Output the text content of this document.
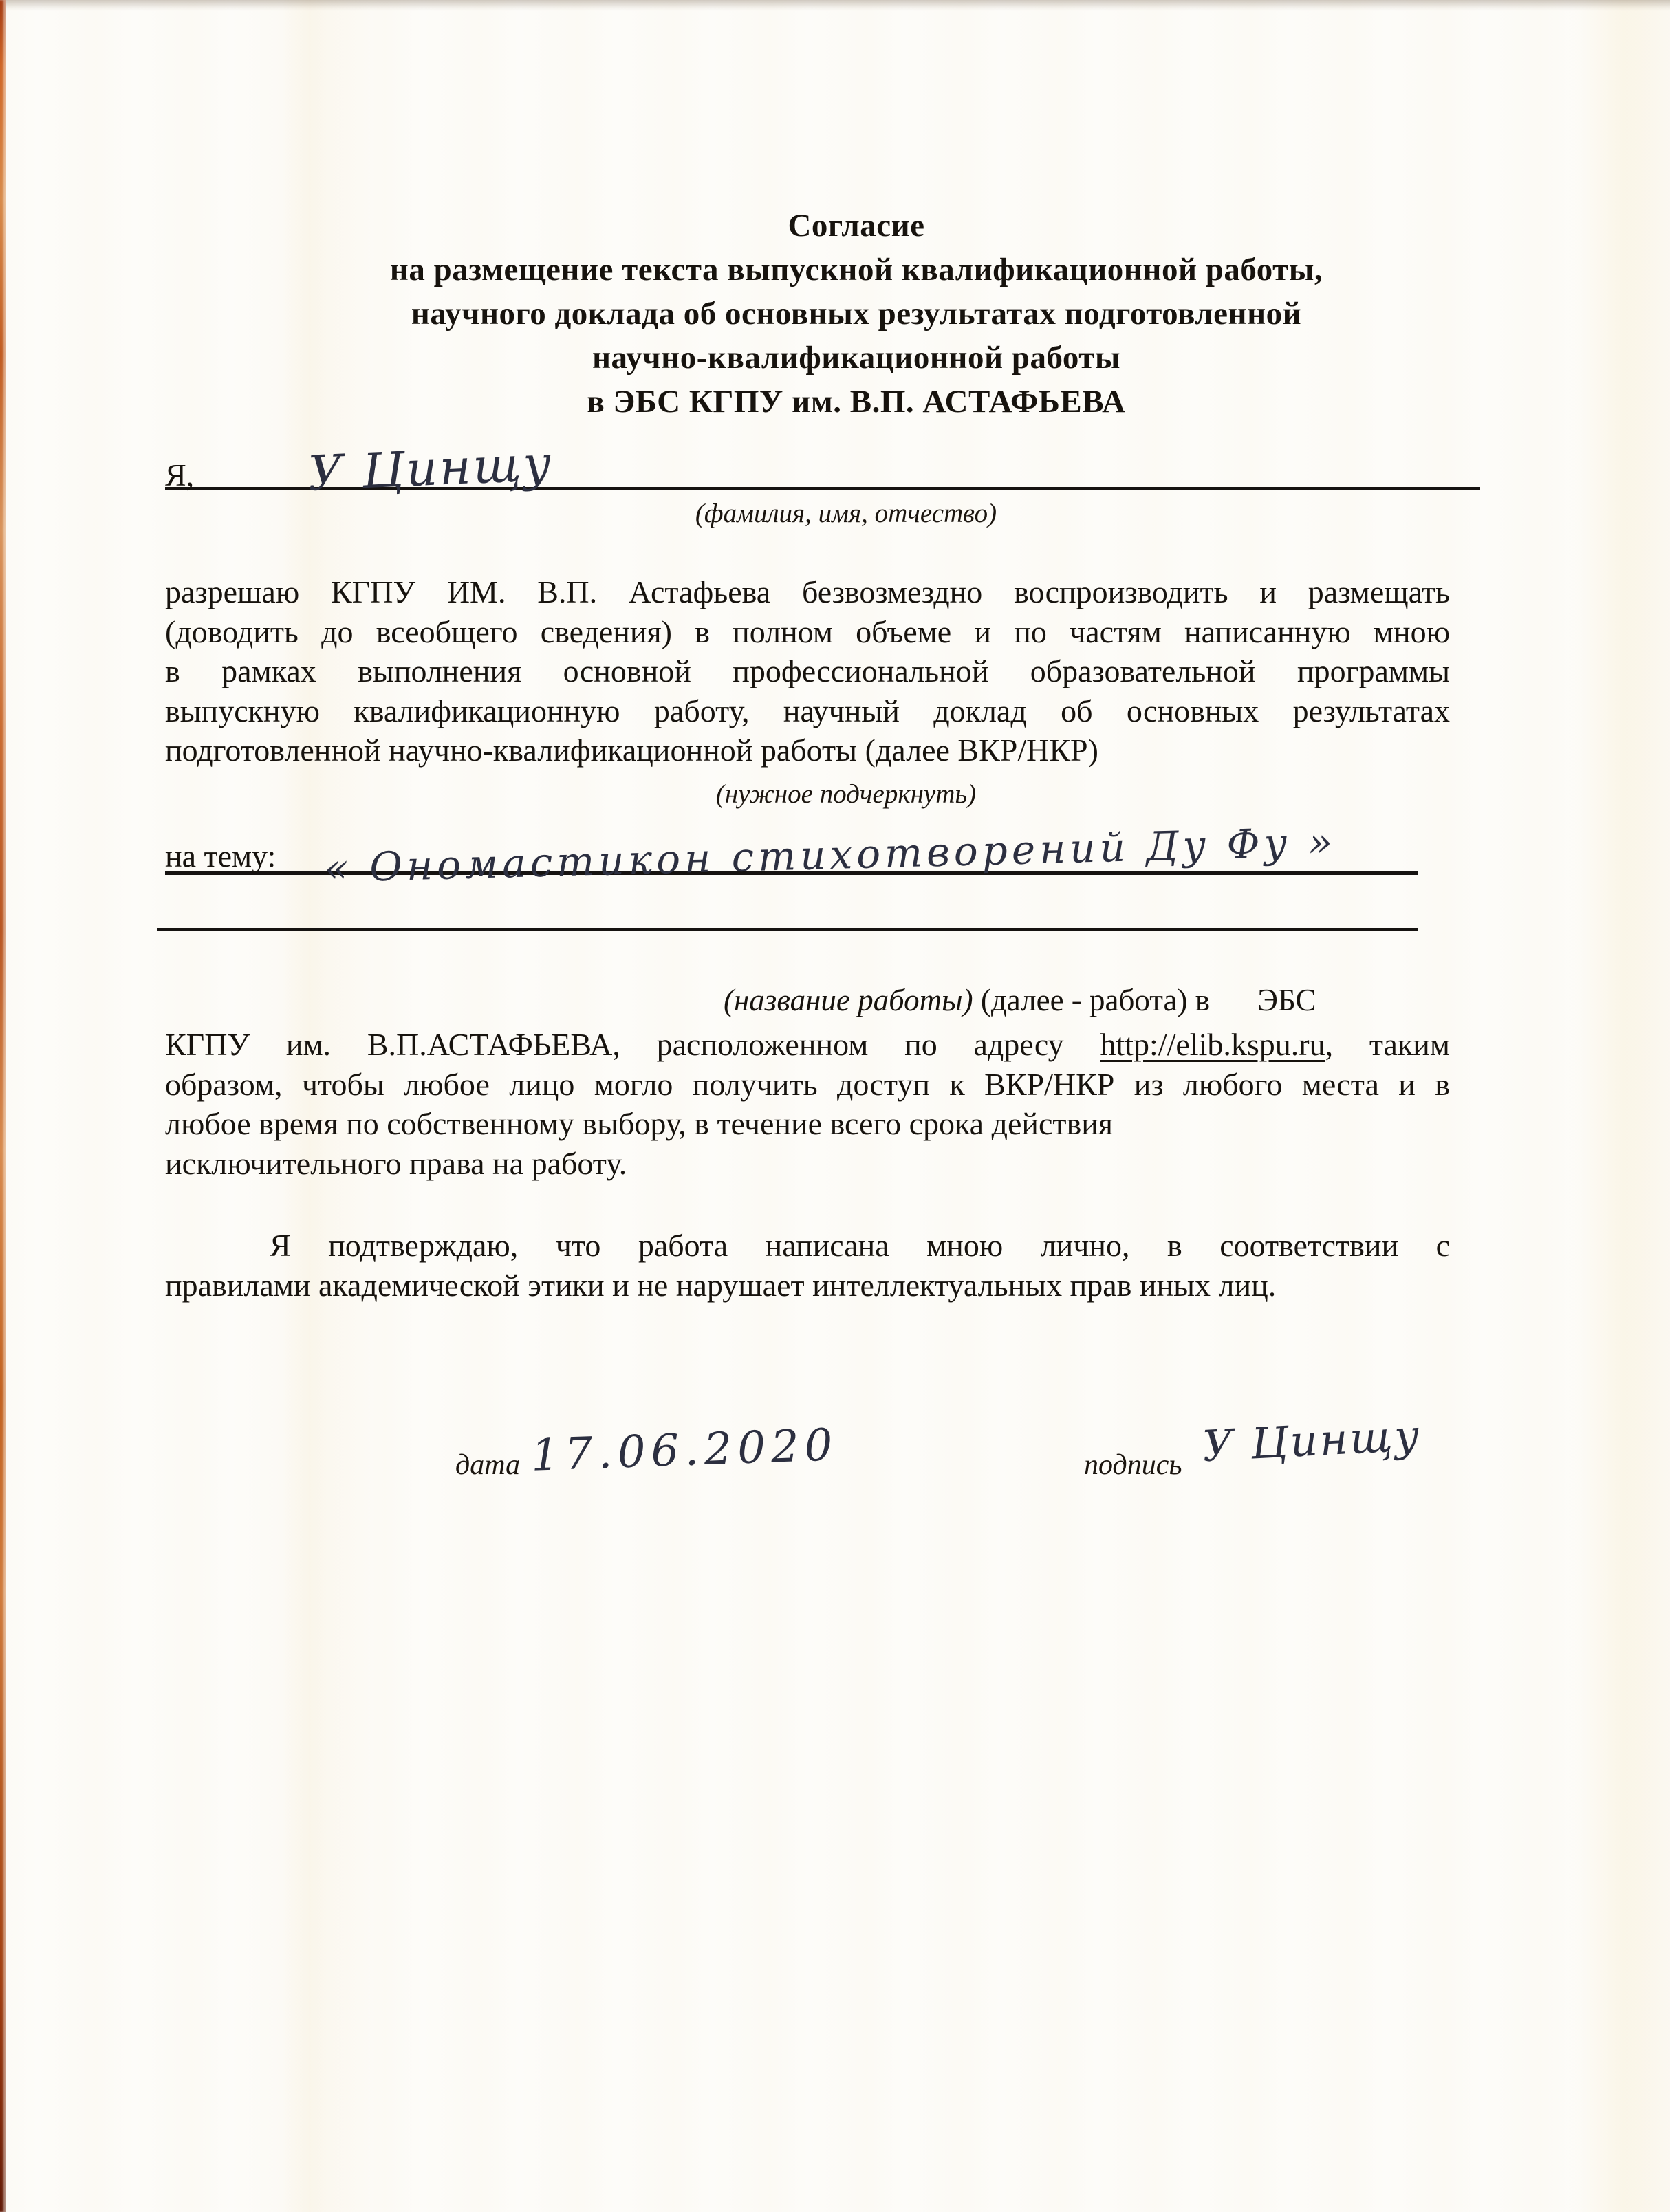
Согласие
на размещение текста выпускной квалификационной работы,
научного доклада об основных результатах подготовленной
научно-квалификационной работы
в ЭБС КГПУ им. В.П. АСТАФЬЕВА
Я, У Цинщу
(фамилия, имя, отчество)
разрешаю КГПУ ИМ. В.П. Астафьева безвозмездно воспроизводить и размещать
(доводить до всеобщего сведения) в полном объеме и по частям написанную мною
в рамках выполнения основной профессиональной образовательной программы
выпускную квалификационную работу, научный доклад об основных результатах
подготовленной научно-квалификационной работы (далее ВКР/НКР)
(нужное подчеркнуть)
на тему: « Ономастикон стихотворений Ду Фу »
(название работы) (далее - работа) в ЭБС
КГПУ им. В.П.АСТАФЬЕВА, расположенном по адресу http://elib.kspu.ru, таким
образом, чтобы любое лицо могло получить доступ к ВКР/НКР из любого места и в
любое время по собственному выбору, в течение всего срока действия
исключительного права на работу.
Я подтверждаю, что работа написана мною лично, в соответствии с
правилами академической этики и не нарушает интеллектуальных прав иных лиц.
дата 17.06.2020	подпись У Цинщу
